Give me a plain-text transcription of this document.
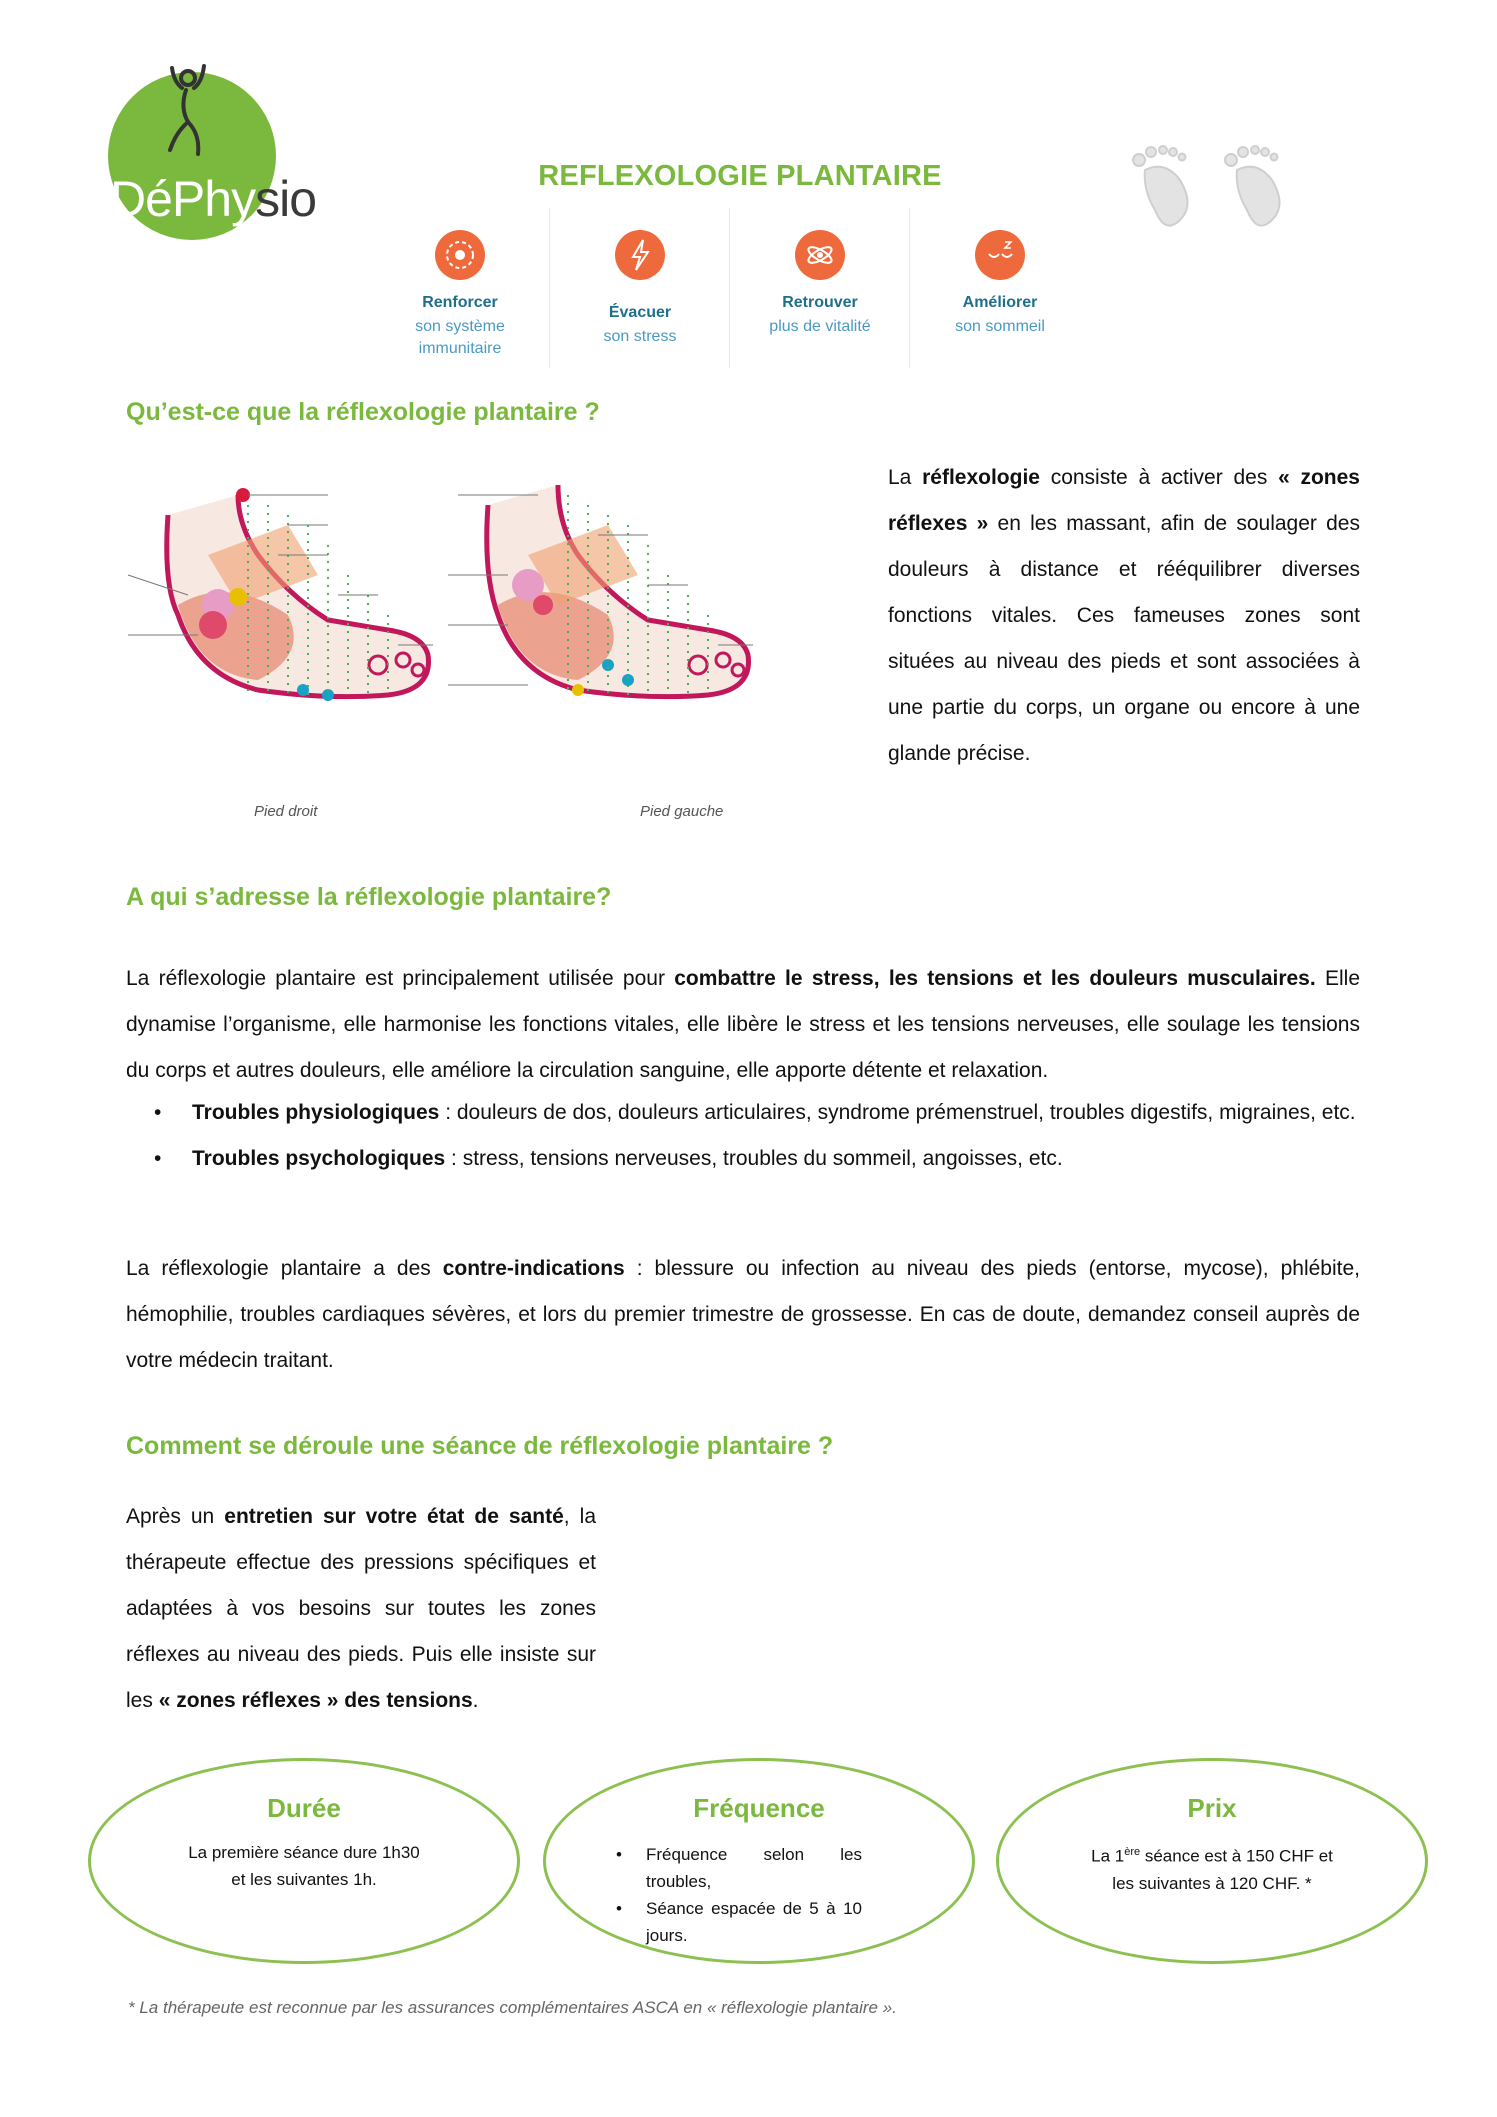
DéPhysio	REFLEXOLOGIE PLANTAIRE
Renforcer
son système
immunitaire
Évacuer
son stress
Retrouver
plus de vitalité
Améliorer
son sommeil
Qu’est-ce que la réflexologie plantaire ?
Pied droit	Pied gauche
La réflexologie consiste à activer des « zones réflexes » en les massant, afin de soulager des douleurs à distance et rééquilibrer diverses fonctions vitales. Ces fameuses zones sont situées au niveau des pieds et sont associées à une partie du corps, un organe ou encore à une glande précise.
A qui s’adresse la réflexologie plantaire?
La réflexologie plantaire est principalement utilisée pour combattre le stress, les tensions et les douleurs musculaires. Elle dynamise l’organisme, elle harmonise les fonctions vitales, elle libère le stress et les tensions nerveuses, elle soulage les tensions du corps et autres douleurs, elle améliore la circulation sanguine, elle apporte détente et relaxation.
• Troubles physiologiques : douleurs de dos, douleurs articulaires, syndrome prémenstruel, troubles digestifs, migraines, etc.
• Troubles psychologiques : stress, tensions nerveuses, troubles du sommeil, angoisses, etc.
La réflexologie plantaire a des contre-indications : blessure ou infection au niveau des pieds (entorse, mycose), phlébite, hémophilie, troubles cardiaques sévères, et lors du premier trimestre de grossesse. En cas de doute, demandez conseil auprès de votre médecin traitant.
Comment se déroule une séance de réflexologie plantaire ?
Après un entretien sur votre état de santé, la thérapeute effectue des pressions spécifiques et adaptées à vos besoins sur toutes les zones réflexes au niveau des pieds. Puis elle insiste sur les « zones réflexes » des tensions.
Durée
La première séance dure 1h30
et les suivantes 1h.
Fréquence
• Fréquence selon les troubles,
• Séance espacée de 5 à 10 jours.
Prix
La 1ère séance est à 150 CHF et
les suivantes à 120 CHF. *
* La thérapeute est reconnue par les assurances complémentaires ASCA en « réflexologie plantaire ».
